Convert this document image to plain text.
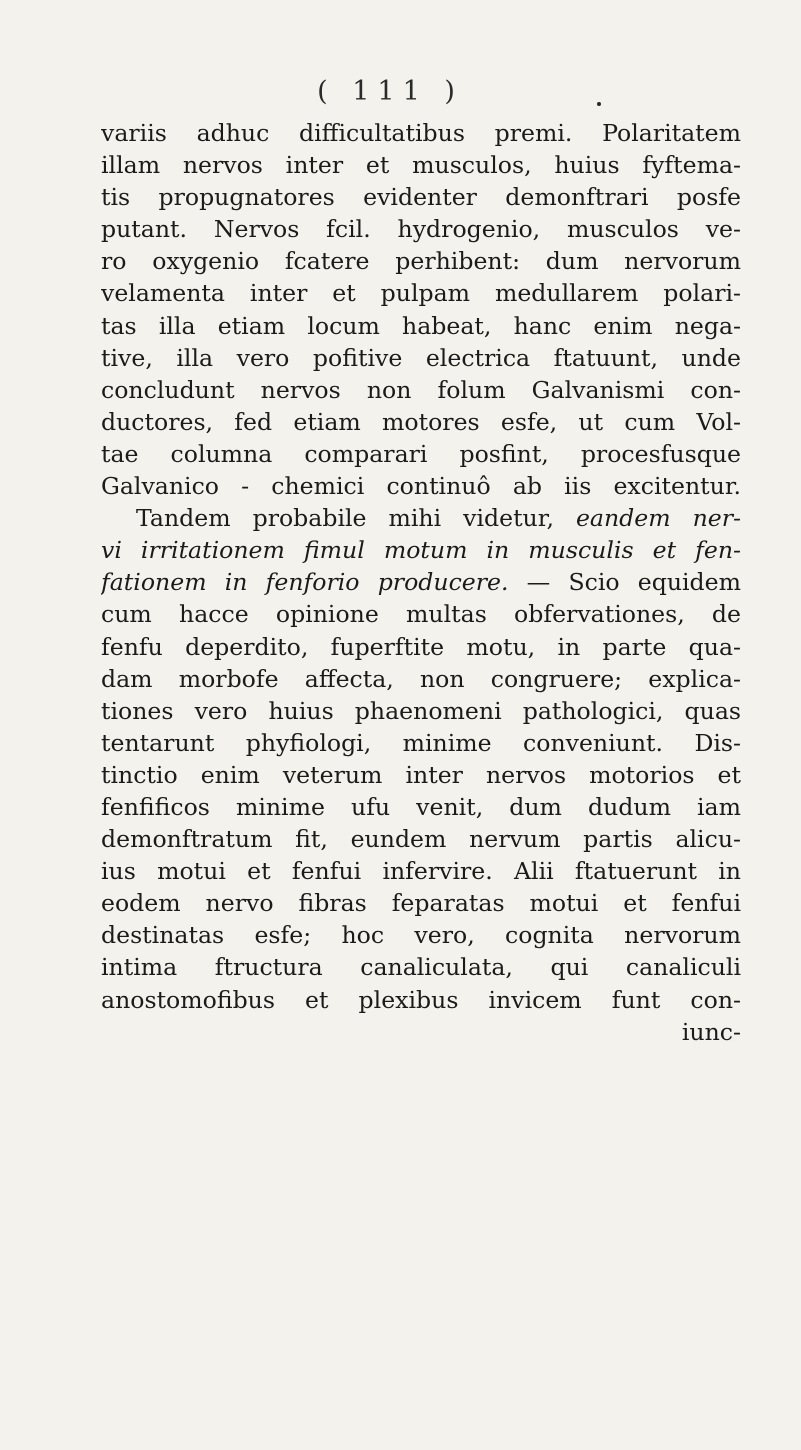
( 111 )
variis adhuc difficultatibus premi. Polaritatem
illam nervos inter et musculos, huius fyftema-
tis propugnatores evidenter demonftrari posfe
putant. Nervos fcil. hydrogenio, musculos ve-
ro oxygenio fcatere perhibent: dum nervorum
velamenta inter et pulpam medullarem polari-
tas illa etiam locum habeat, hanc enim nega-
tive, illa vero pofitive electrica ftatuunt, unde
concludunt nervos non folum Galvanismi con-
ductores, fed etiam motores esfe, ut cum Vol-
tae columna comparari posfint, procesfusque
Galvanico - chemici continuô ab iis excitentur.
Tandem probabile mihi videtur, eandem ner-
vi irritationem fimul motum in musculis et fen-
fationem in fenforio producere. — Scio equidem
cum hacce opinione multas obfervationes, de
fenfu deperdito, fuperftite motu, in parte qua-
dam morbofe affecta, non congruere; explica-
tiones vero huius phaenomeni pathologici, quas
tentarunt phyfiologi, minime conveniunt. Dis-
tinctio enim veterum inter nervos motorios et
fenfificos minime ufu venit, dum dudum iam
demonftratum fit, eundem nervum partis alicu-
ius motui et fenfui infervire. Alii ftatuerunt in
eodem nervo fibras feparatas motui et fenfui
destinatas esfe; hoc vero, cognita nervorum
intima ftructura canaliculata, qui canaliculi
anostomofibus et plexibus invicem funt con-
iunc-
